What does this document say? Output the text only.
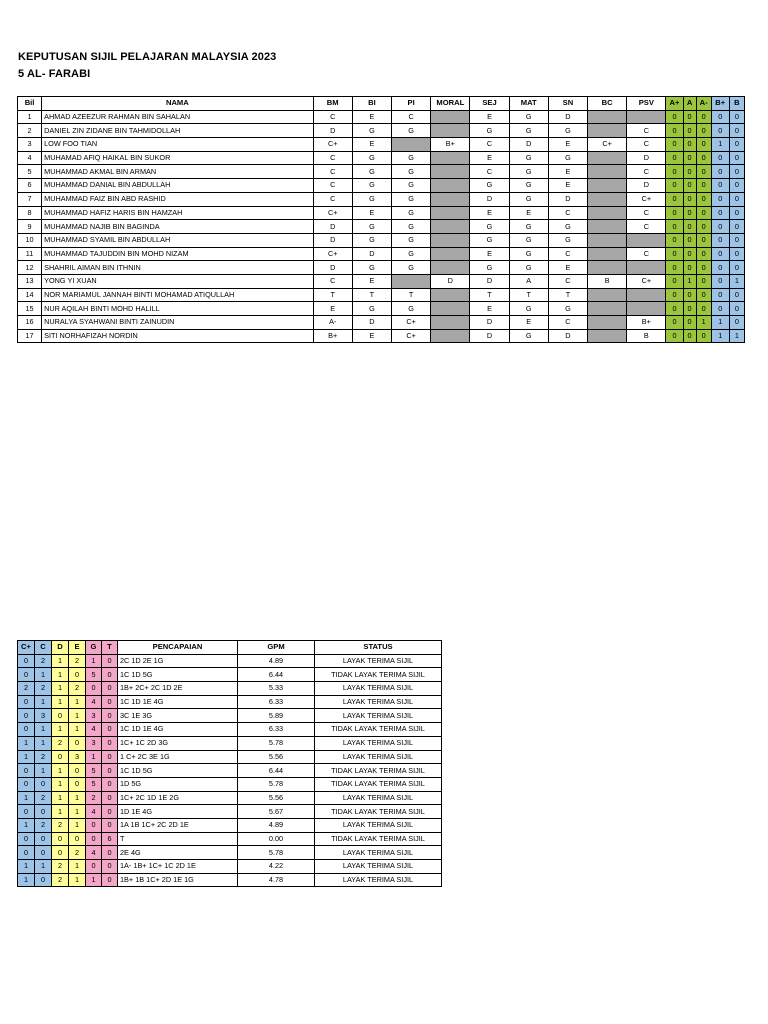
KEPUTUSAN SIJIL PELAJARAN MALAYSIA 2023
5 AL- FARABI
Bil	NAMA	BM	BI	PI	MORAL	SEJ	MAT	SN	BC	PSV	A+	A	A-	B+	B
1	AHMAD AZEEZUR RAHMAN BIN SAHALAN	C	E	C		E	G	D			0	0	0	0	0
2	DANIEL ZIN ZIDANE BIN TAHMIDOLLAH	D	G	G		G	G	G		C	0	0	0	0	0
3	LOW FOO TIAN	C+	E		B+	C	D	E	C+	C	0	0	0	1	0
4	MUHAMAD AFIQ HAIKAL BIN SUKOR	C	G	G		E	G	G		D	0	0	0	0	0
5	MUHAMMAD AKMAL BIN ARMAN	C	G	G		C	G	E		C	0	0	0	0	0
6	MUHAMMAD DANIAL BIN ABDULLAH	C	G	G		G	G	E		D	0	0	0	0	0
7	MUHAMMAD FAIZ BIN ABD RASHID	C	G	G		D	G	D		C+	0	0	0	0	0
8	MUHAMMAD HAFIZ HARIS BIN HAMZAH	C+	E	G		E	E	C		C	0	0	0	0	0
9	MUHAMMAD NAJIB BIN BAGINDA	D	G	G		G	G	G		C	0	0	0	0	0
10	MUHAMMAD SYAMIL BIN ABDULLAH	D	G	G		G	G	G			0	0	0	0	0
11	MUHAMMAD TAJUDDIN BIN MOHD NIZAM	C+	D	G		E	G	C		C	0	0	0	0	0
12	SHAHRIL AIMAN BIN ITHNIN	D	G	G		G	G	E			0	0	0	0	0
13	YONG YI XUAN	C	E		D	D	A	C	B	C+	0	1	0	0	1
14	NOR MARIAMUL JANNAH BINTI MOHAMAD ATIQULLAH	T	T	T		T	T	T			0	0	0	0	0
15	NUR AQILAH BINTI MOHD HALILL	E	G	G		E	G	G			0	0	0	0	0
16	NURALYA SYAHWANI BINTI ZAINUDIN	A-	D	C+		D	E	C		B+	0	0	1	1	0
17	SITI NORHAFIZAH NORDIN	B+	E	C+		D	G	D		B	0	0	0	1	1
C+	C	D	E	G	T	PENCAPAIAN	GPM	STATUS
0	2	1	2	1	0	2C 1D 2E 1G	4.89	LAYAK TERIMA SIJIL
0	1	1	0	5	0	1C 1D 5G	6.44	TIDAK LAYAK TERIMA SIJIL
2	2	1	2	0	0	1B+ 2C+ 2C 1D 2E	5.33	LAYAK TERIMA SIJIL
0	1	1	1	4	0	1C 1D 1E 4G	6.33	LAYAK TERIMA SIJIL
0	3	0	1	3	0	3C 1E 3G	5.89	LAYAK TERIMA SIJIL
0	1	1	1	4	0	1C 1D 1E 4G	6.33	TIDAK LAYAK TERIMA SIJIL
1	1	2	0	3	0	1C+ 1C 2D 3G	5.78	LAYAK TERIMA SIJIL
1	2	0	3	1	0	1 C+ 2C 3E 1G	5.56	LAYAK TERIMA SIJIL
0	1	1	0	5	0	1C 1D 5G	6.44	TIDAK LAYAK TERIMA SIJIL
0	0	1	0	5	0	1D 5G	5.78	TIDAK LAYAK TERIMA SIJIL
1	2	1	1	2	0	1C+ 2C 1D 1E 2G	5.56	LAYAK TERIMA SIJIL
0	0	1	1	4	0	1D 1E 4G	5.67	TIDAK LAYAK TERIMA SIJIL
1	2	2	1	0	0	1A 1B 1C+ 2C 2D 1E	4.89	LAYAK TERIMA SIJIL
0	0	0	0	0	6	T	0.00	TIDAK LAYAK TERIMA SIJIL
0	0	0	2	4	0	2E 4G	5.78	LAYAK TERIMA SIJIL
1	1	2	1	0	0	1A- 1B+ 1C+ 1C 2D 1E	4.22	LAYAK TERIMA SIJIL
1	0	2	1	1	0	1B+ 1B 1C+ 2D 1E 1G	4.78	LAYAK TERIMA SIJIL
